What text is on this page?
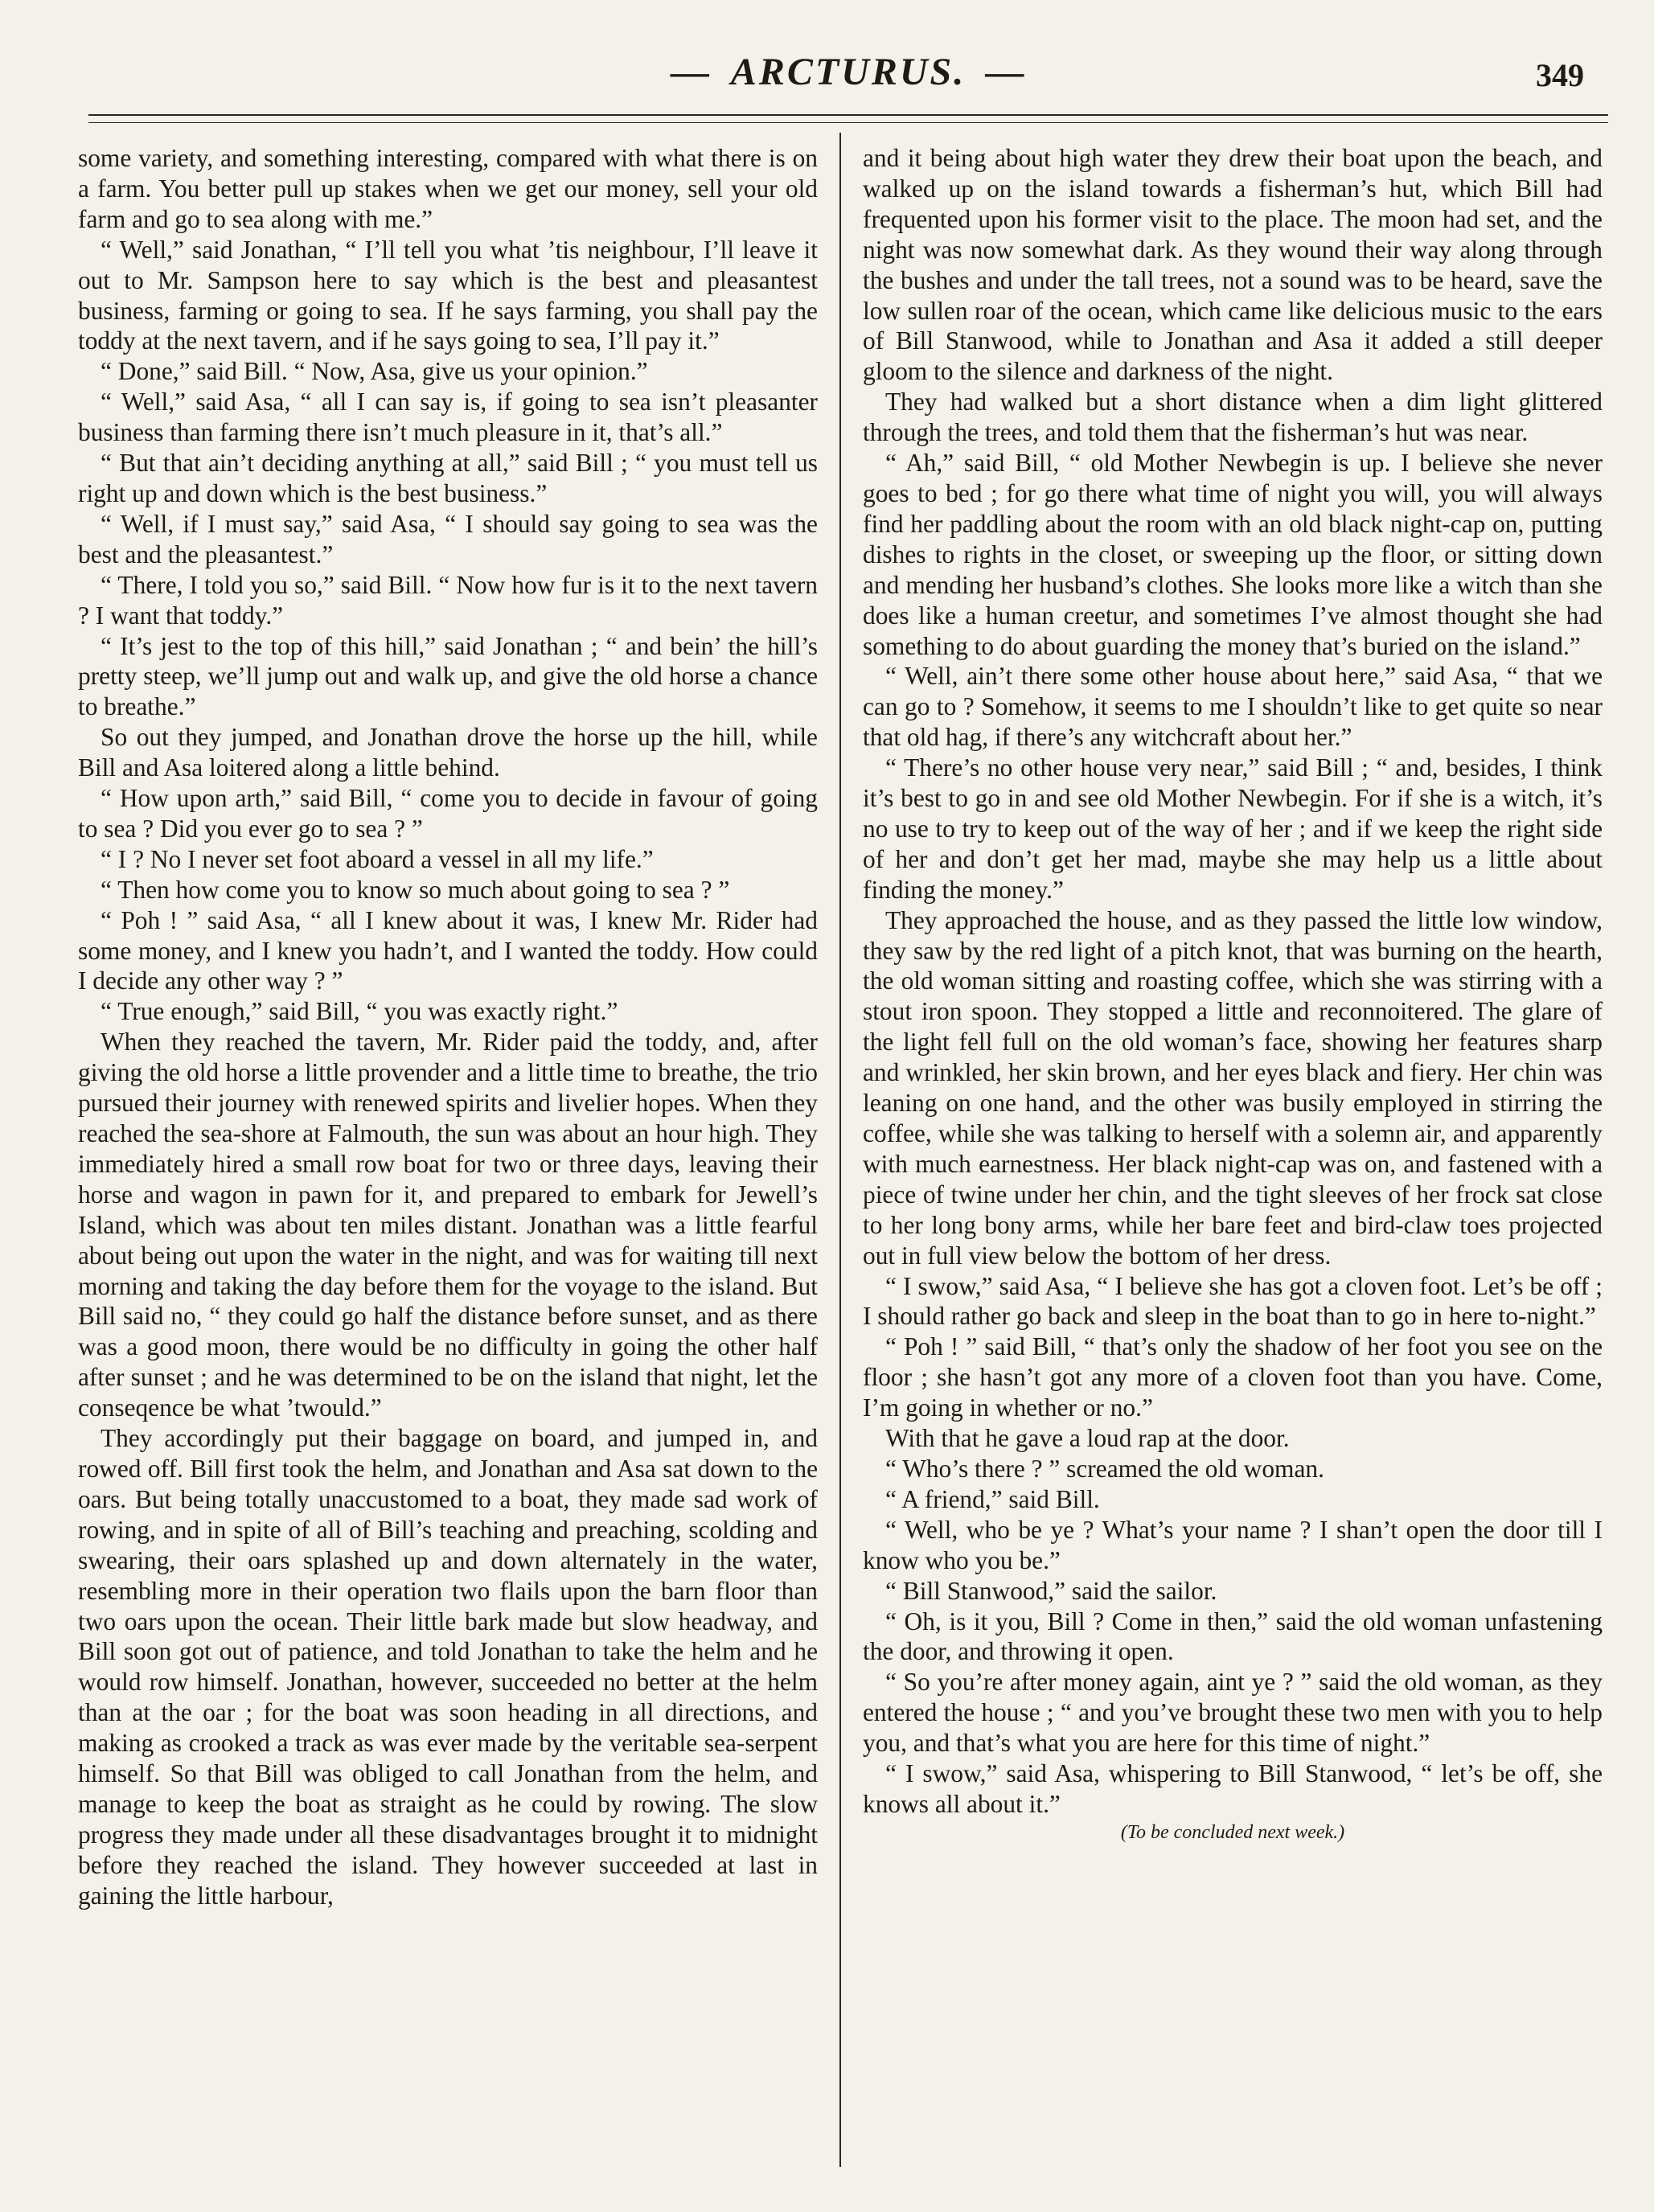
— ARCTURUS. —	349

some variety, and something interesting, compared with what there is on a farm. You better pull up stakes when we get our money, sell your old farm and go to sea along with me.”

“ Well,” said Jonathan, “ I’ll tell you what ’tis neighbour, I’ll leave it out to Mr. Sampson here to say which is the best and pleasantest business, farming or going to sea. If he says farming, you shall pay the toddy at the next tavern, and if he says going to sea, I’ll pay it.”

“ Done,” said Bill. “ Now, Asa, give us your opinion.”

“ Well,” said Asa, “ all I can say is, if going to sea isn’t pleasanter business than farming there isn’t much pleasure in it, that’s all.”

“ But that ain’t deciding anything at all,” said Bill ; “ you must tell us right up and down which is the best business.”

“ Well, if I must say,” said Asa, “ I should say going to sea was the best and the pleasantest.”

“ There, I told you so,” said Bill. “ Now how fur is it to the next tavern ? I want that toddy.”

“ It’s jest to the top of this hill,” said Jonathan ; “ and bein’ the hill’s pretty steep, we’ll jump out and walk up, and give the old horse a chance to breathe.”

So out they jumped, and Jonathan drove the horse up the hill, while Bill and Asa loitered along a little behind.

“ How upon arth,” said Bill, “ come you to decide in favour of going to sea ? Did you ever go to sea ? ”

“ I ? No I never set foot aboard a vessel in all my life.”

“ Then how come you to know so much about going to sea ? ”

“ Poh ! ” said Asa, “ all I knew about it was, I knew Mr. Rider had some money, and I knew you hadn’t, and I wanted the toddy. How could I decide any other way ? ”

“ True enough,” said Bill, “ you was exactly right.”

When they reached the tavern, Mr. Rider paid the toddy, and, after giving the old horse a little provender and a little time to breathe, the trio pursued their journey with renewed spirits and livelier hopes. When they reached the sea-shore at Falmouth, the sun was about an hour high. They immediately hired a small row boat for two or three days, leaving their horse and wagon in pawn for it, and prepared to embark for Jewell’s Island, which was about ten miles distant. Jonathan was a little fearful about being out upon the water in the night, and was for waiting till next morning and taking the day before them for the voyage to the island. But Bill said no, “ they could go half the distance before sunset, and as there was a good moon, there would be no difficulty in going the other half after sunset ; and he was determined to be on the island that night, let the conseqence be what ’twould.”

They accordingly put their baggage on board, and jumped in, and rowed off. Bill first took the helm, and Jonathan and Asa sat down to the oars. But being totally unaccustomed to a boat, they made sad work of rowing, and in spite of all of Bill’s teaching and preaching, scolding and swearing, their oars splashed up and down alternately in the water, resembling more in their operation two flails upon the barn floor than two oars upon the ocean. Their little bark made but slow headway, and Bill soon got out of patience, and told Jonathan to take the helm and he would row himself. Jonathan, however, succeeded no better at the helm than at the oar ; for the boat was soon heading in all directions, and making as crooked a track as was ever made by the veritable sea-serpent himself. So that Bill was obliged to call Jonathan from the helm, and manage to keep the boat as straight as he could by rowing. The slow progress they made under all these disadvantages brought it to midnight before they reached the island. They however succeeded at last in gaining the little harbour,

and it being about high water they drew their boat upon the beach, and walked up on the island towards a fisherman’s hut, which Bill had frequented upon his former visit to the place. The moon had set, and the night was now somewhat dark. As they wound their way along through the bushes and under the tall trees, not a sound was to be heard, save the low sullen roar of the ocean, which came like delicious music to the ears of Bill Stanwood, while to Jonathan and Asa it added a still deeper gloom to the silence and darkness of the night.

They had walked but a short distance when a dim light glittered through the trees, and told them that the fisherman’s hut was near.

“ Ah,” said Bill, “ old Mother Newbegin is up. I believe she never goes to bed ; for go there what time of night you will, you will always find her paddling about the room with an old black night-cap on, putting dishes to rights in the closet, or sweeping up the floor, or sitting down and mending her husband’s clothes. She looks more like a witch than she does like a human creetur, and sometimes I’ve almost thought she had something to do about guarding the money that’s buried on the island.”

“ Well, ain’t there some other house about here,” said Asa, “ that we can go to ? Somehow, it seems to me I shouldn’t like to get quite so near that old hag, if there’s any witchcraft about her.”

“ There’s no other house very near,” said Bill ; “ and, besides, I think it’s best to go in and see old Mother Newbegin. For if she is a witch, it’s no use to try to keep out of the way of her ; and if we keep the right side of her and don’t get her mad, maybe she may help us a little about finding the money.”

They approached the house, and as they passed the little low window, they saw by the red light of a pitch knot, that was burning on the hearth, the old woman sitting and roasting coffee, which she was stirring with a stout iron spoon. They stopped a little and reconnoitered. The glare of the light fell full on the old woman’s face, showing her features sharp and wrinkled, her skin brown, and her eyes black and fiery. Her chin was leaning on one hand, and the other was busily employed in stirring the coffee, while she was talking to herself with a solemn air, and apparently with much earnestness. Her black night-cap was on, and fastened with a piece of twine under her chin, and the tight sleeves of her frock sat close to her long bony arms, while her bare feet and bird-claw toes projected out in full view below the bottom of her dress.

“ I swow,” said Asa, “ I believe she has got a cloven foot. Let’s be off ; I should rather go back and sleep in the boat than to go in here to-night.”

“ Poh ! ” said Bill, “ that’s only the shadow of her foot you see on the floor ; she hasn’t got any more of a cloven foot than you have. Come, I’m going in whether or no.”

With that he gave a loud rap at the door.

“ Who’s there ? ” screamed the old woman.

“ A friend,” said Bill.

“ Well, who be ye ? What’s your name ? I shan’t open the door till I know who you be.”

“ Bill Stanwood,” said the sailor.

“ Oh, is it you, Bill ? Come in then,” said the old woman unfastening the door, and throwing it open.

“ So you’re after money again, aint ye ? ” said the old woman, as they entered the house ; “ and you’ve brought these two men with you to help you, and that’s what you are here for this time of night.”

“ I swow,” said Asa, whispering to Bill Stanwood, “ let’s be off, she knows all about it.”

(To be concluded next week.)
